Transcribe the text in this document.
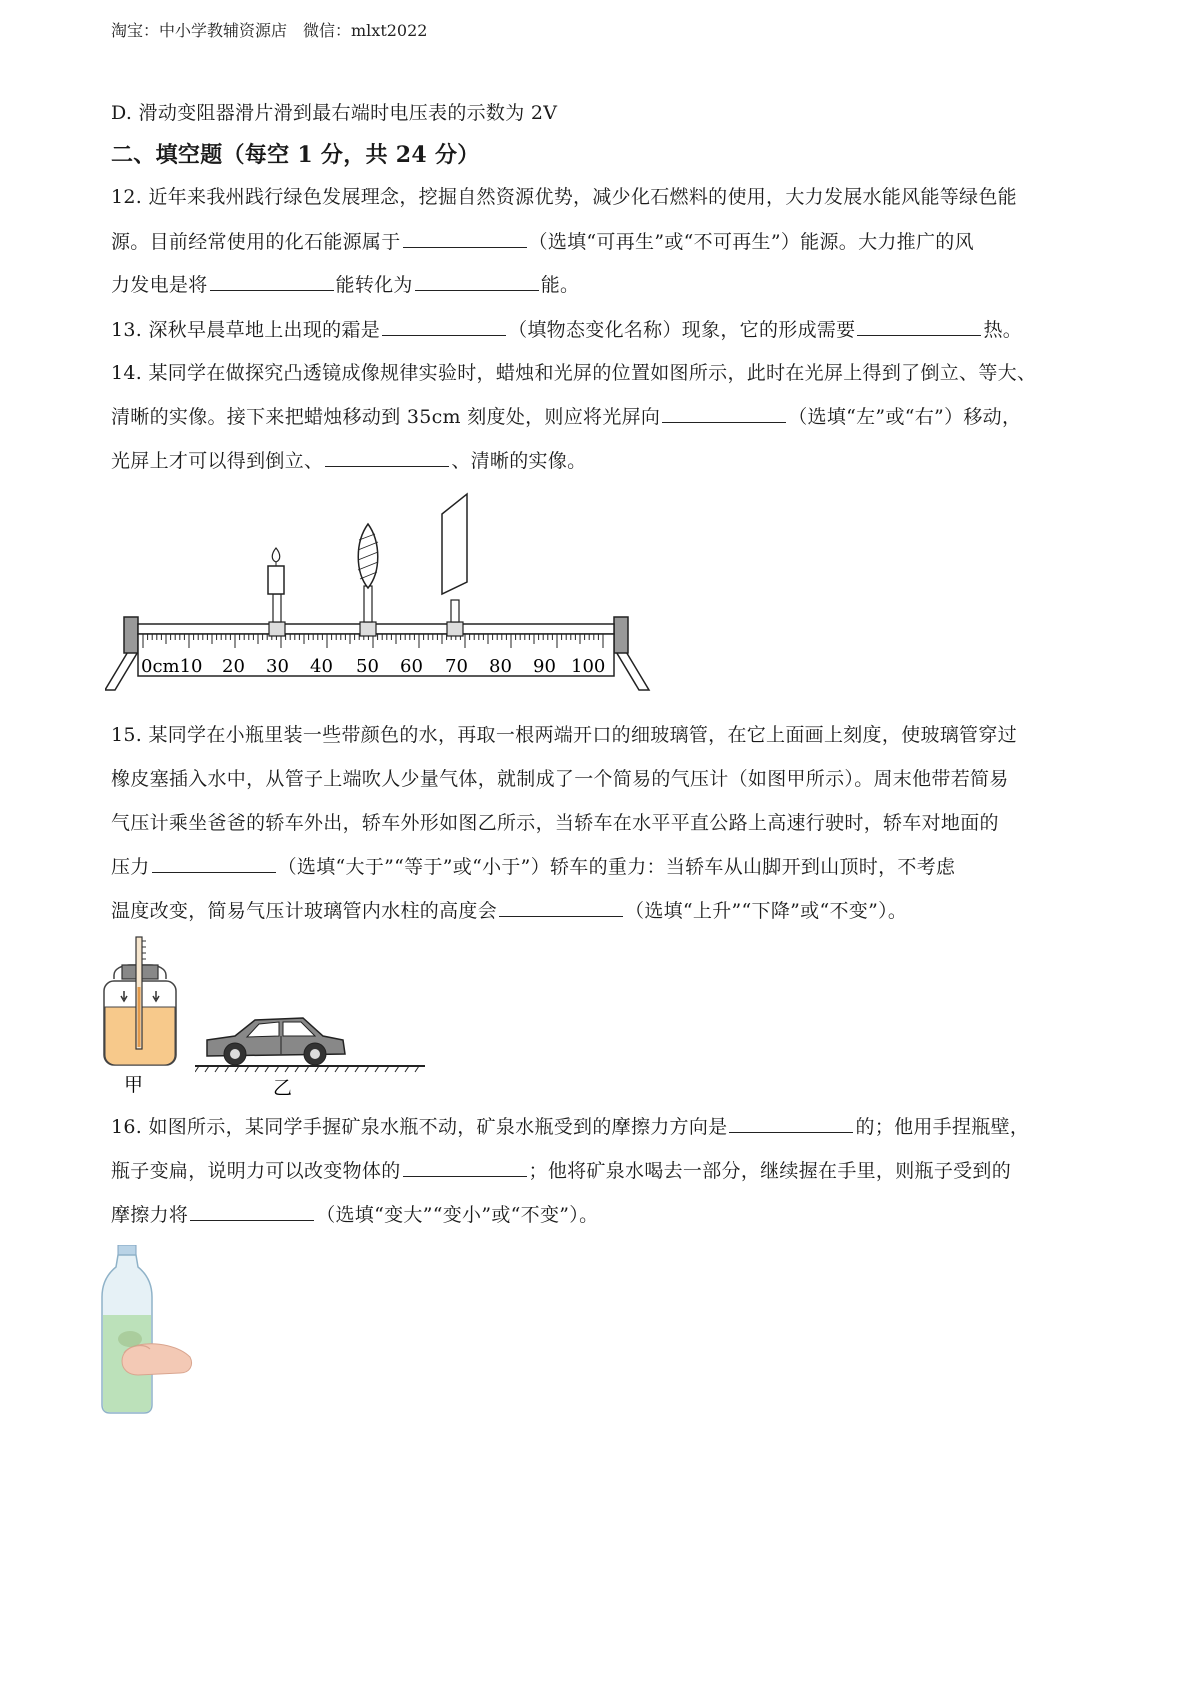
淘宝：中小学教辅资源店　微信：mlxt2022
D. 滑动变阻器滑片滑到最右端时电压表的示数为 2V
二、填空题（每空 1 分，共 24 分）
12. 近年来我州践行绿色发展理念，挖掘自然资源优势，减少化石燃料的使用，大力发展水能风能等绿色能
源。目前经常使用的化石能源属于	（选填“可再生”或“不可再生”）能源。大力推广的风
力发电是将	能转化为	能。
13. 深秋早晨草地上出现的霜是	（填物态变化名称）现象，它的形成需要	热。
14. 某同学在做探究凸透镜成像规律实验时，蜡烛和光屏的位置如图所示，此时在光屏上得到了倒立、等大、
清晰的实像。接下来把蜡烛移动到 35cm 刻度处，则应将光屏向	（选填“左”或“右”）移动，
光屏上才可以得到倒立、	、清晰的实像。
0cm10 20 30 40 50 60 70 80 90 100
15. 某同学在小瓶里装一些带颜色的水，再取一根两端开口的细玻璃管，在它上面画上刻度，使玻璃管穿过
橡皮塞插入水中，从管子上端吹人少量气体，就制成了一个简易的气压计（如图甲所示）。周末他带若简易
气压计乘坐爸爸的轿车外出，轿车外形如图乙所示，当轿车在水平平直公路上高速行驶时，轿车对地面的
压力	（选填“大于”“等于”或“小于”）轿车的重力：当轿车从山脚开到山顶时，不考虑
温度改变，简易气压计玻璃管内水柱的高度会	（选填“上升”“下降”或“不变”）。
甲	乙
16. 如图所示，某同学手握矿泉水瓶不动，矿泉水瓶受到的摩擦力方向是	的；他用手捏瓶壁，
瓶子变扁，说明力可以改变物体的	；他将矿泉水喝去一部分，继续握在手里，则瓶子受到的
摩擦力将	（选填“变大”“变小”或“不变”）。
